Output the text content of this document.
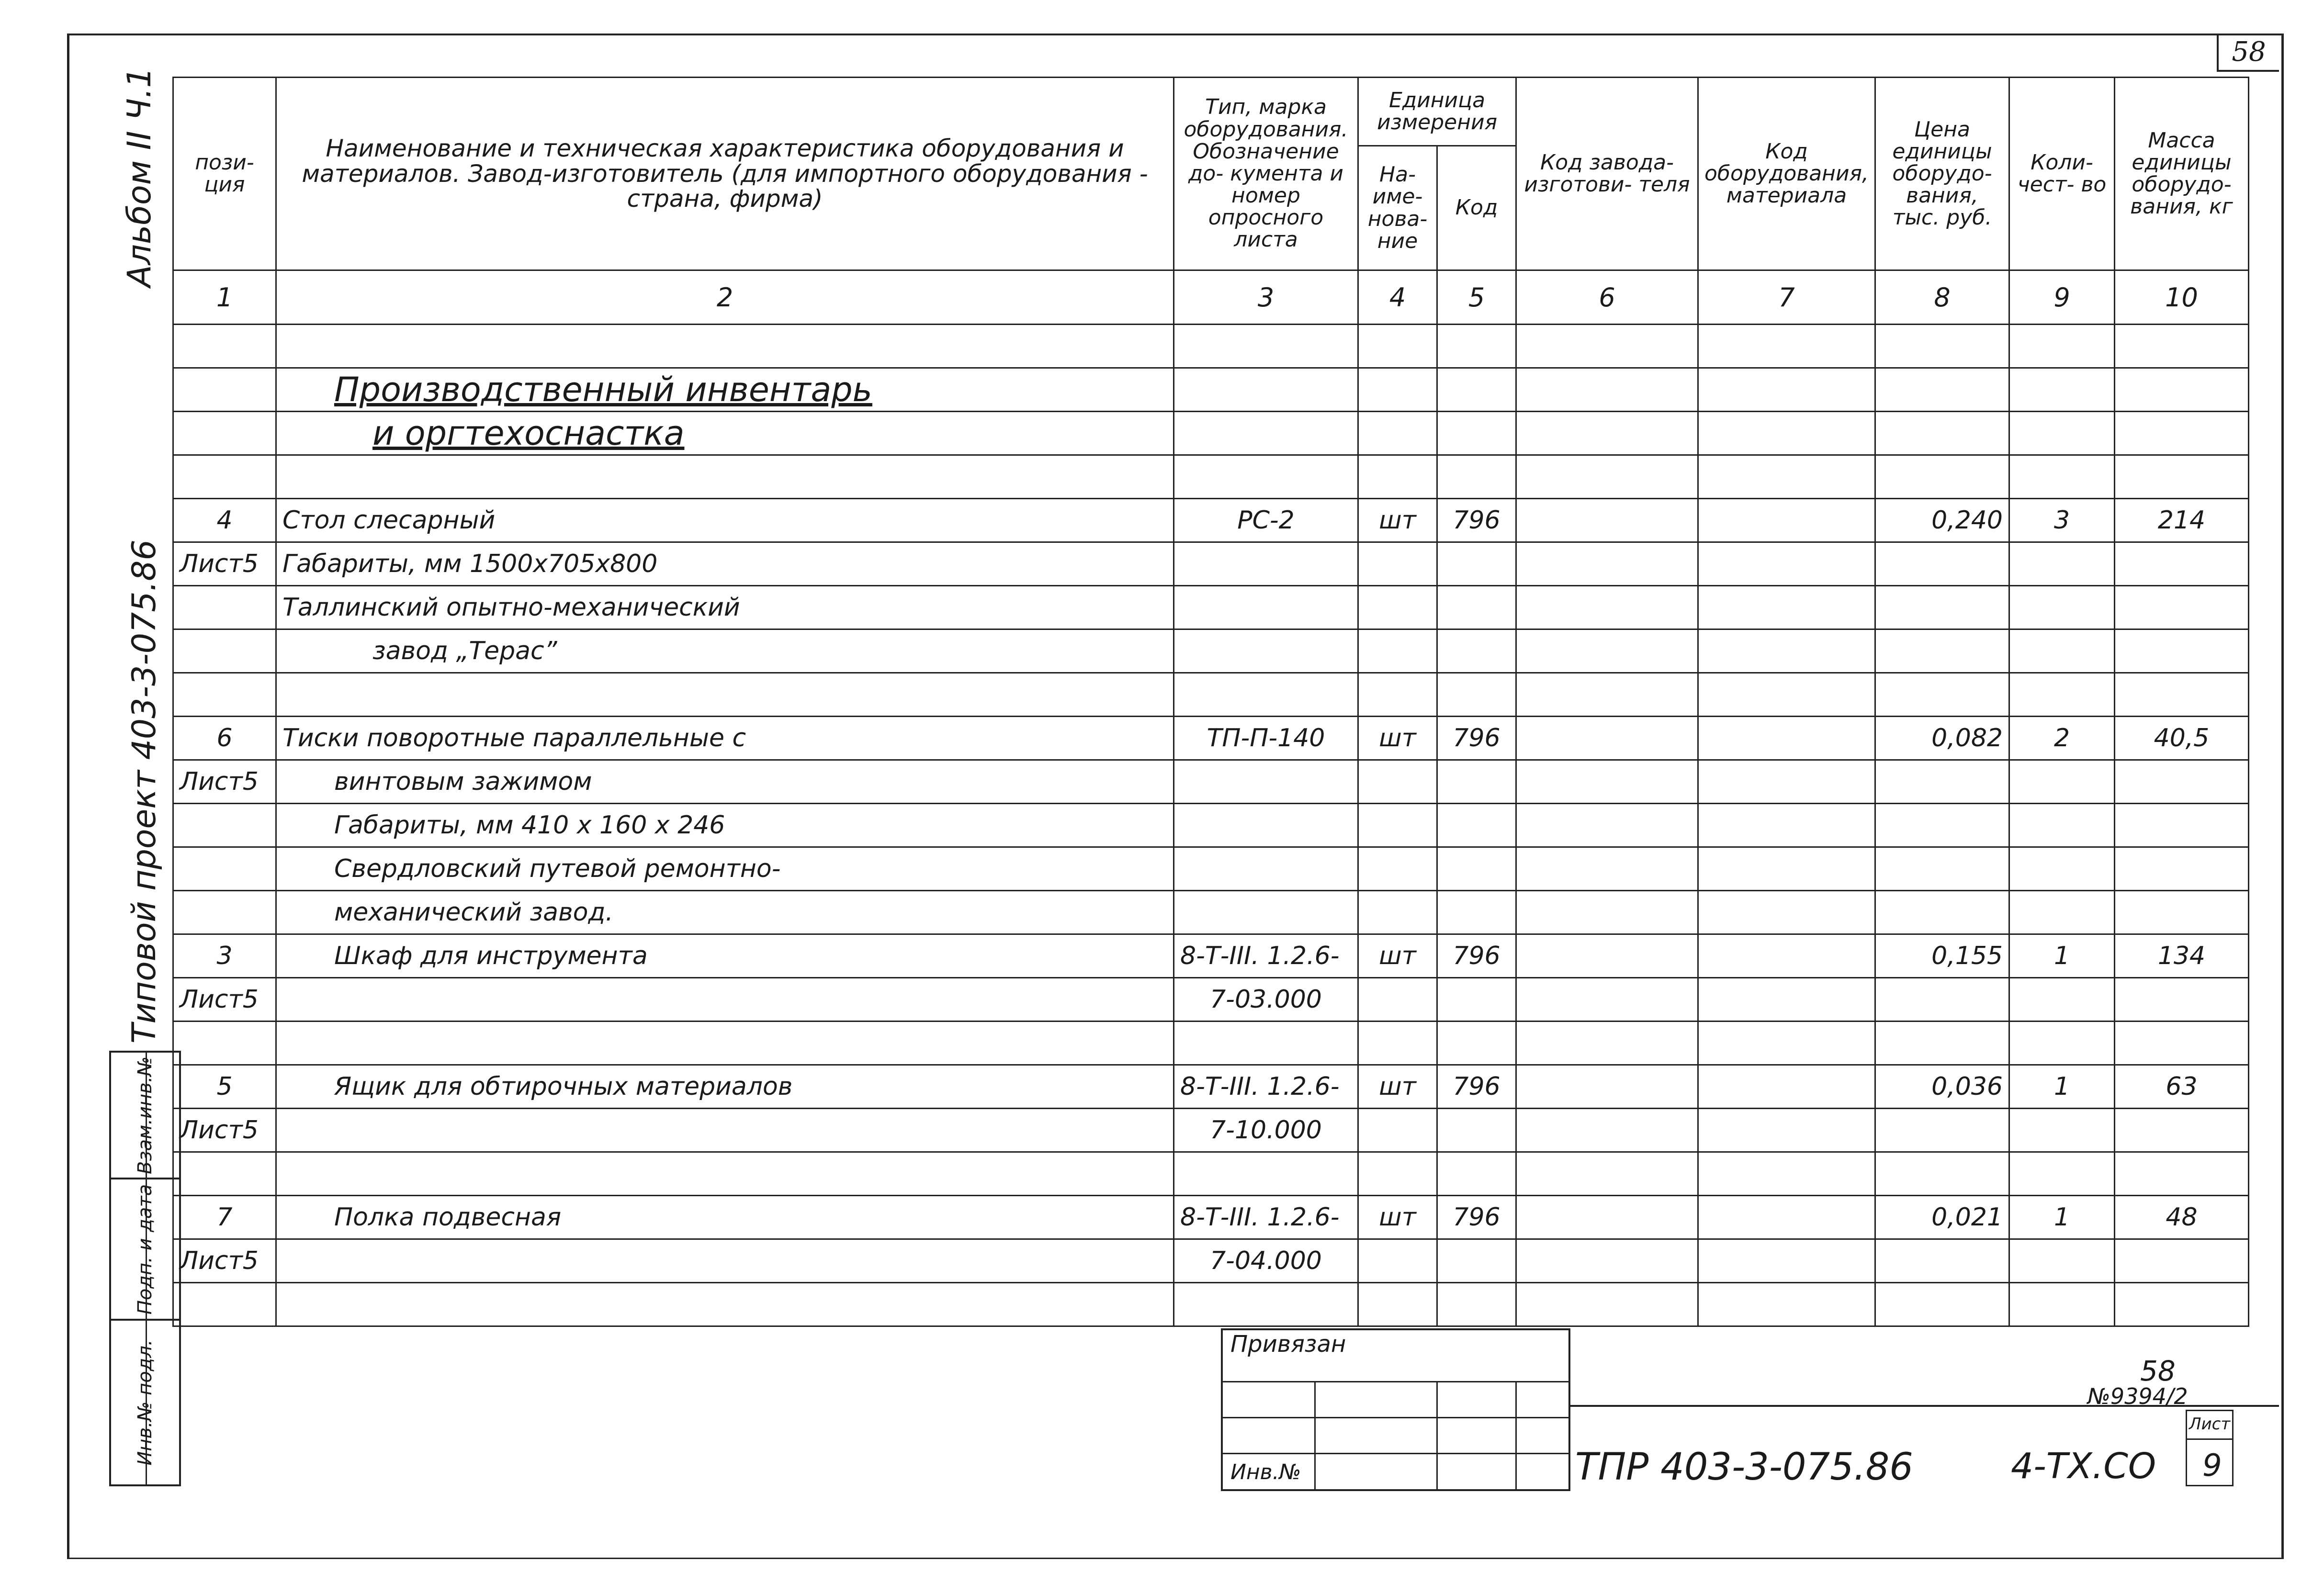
58
Альбом II Ч.1
Типовой проект 403-3-075.86
Инв.№ подл.
Подп. и дата
Взам.инв.№
пози- ция	Наименование и техническая характеристика оборудования и материалов. Завод-изготовитель (для импортного оборудования - страна, фирма)	Тип, марка оборудования. Обозначение до- кумента и номер опросного листа	Единица измерения		Код завода- изготови- теля	Код оборудования, материала	Цена единицы оборудо- вания, тыс. руб.	Коли- чест- во	Масса единицы оборудо- вания, кг
			На- име- нова- ние	Код					
1	2	3	4	5	6	7	8	9	10

	Производственный инвентарь								
	и оргтехоснастка								

4	Стол слесарный	РС-2	шт	796			0,240	3	214
Лист5	Габариты, мм 1500х705х800								
	Таллинский опытно-механический								
	завод „Терас”								

6	Тиски поворотные параллельные с	ТП-П-140	шт	796			0,082	2	40,5
Лист5	винтовым зажимом								
	Габариты, мм 410 х 160 х 246								
	Свердловский путевой ремонтно-								
	механический завод.								
3	Шкаф для инструмента	8-Т-III. 1.2.6-	шт	796			0,155	1	134
Лист5		7-03.000							

5	Ящик для обтирочных материалов	8-Т-III. 1.2.6-	шт	796			0,036	1	63
Лист5		7-10.000							

7	Полка подвесная	8-Т-III. 1.2.6-	шт	796			0,021	1	48
Лист5		7-04.000							

Привязан
Инв.№	ТПР 403-3-075.86	4-ТХ.СО
58
№9394/2
Лист
9
